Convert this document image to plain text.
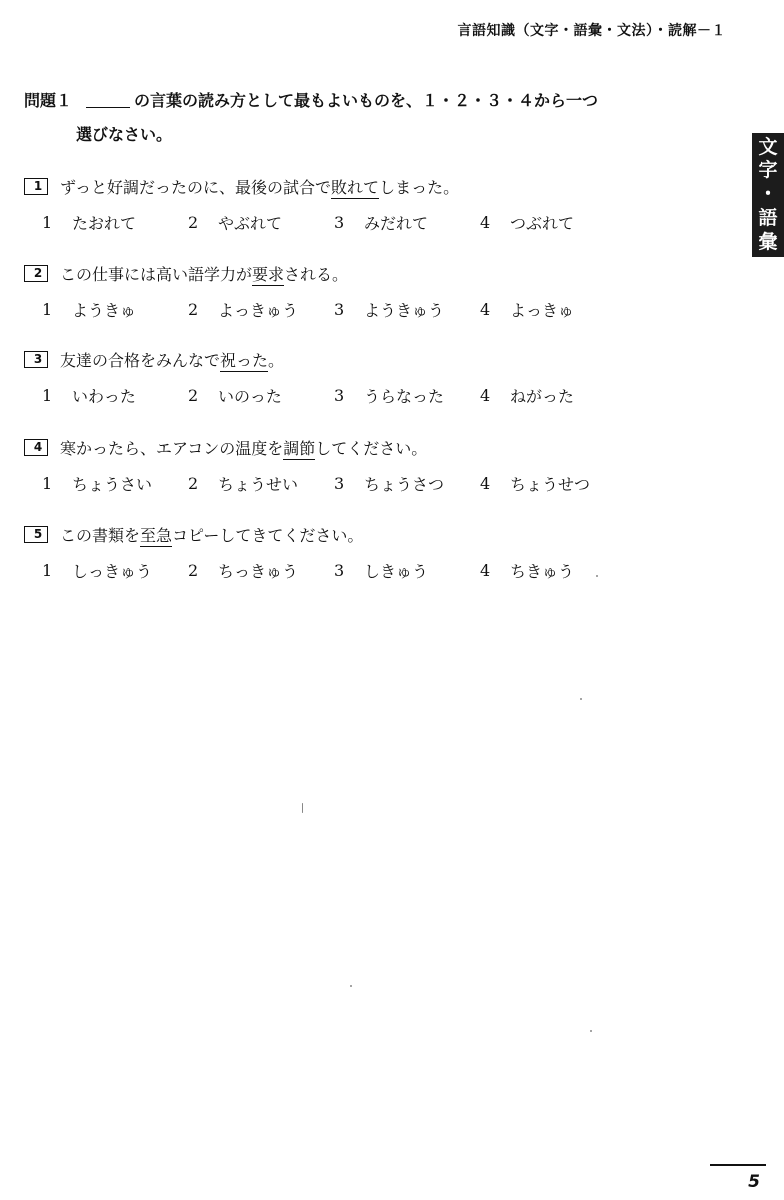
言語知識（文字・語彙・文法）・読解－１
文
字
・
語
彙
問題１	の言葉の読み方として最もよいものを、１・２・３・４から一つ
選びなさい。
1	ずっと好調だったのに、最後の試合で敗れてしまった。
1	たおれて	2	やぶれて	3	みだれて	4	つぶれて
2	この仕事には高い語学力が要求される。
1	ようきゅ	2	よっきゅう	3	ようきゅう	4	よっきゅ
3	友達の合格をみんなで祝った。
1	いわった	2	いのった	3	うらなった	4	ねがった
4	寒かったら、エアコンの温度を調節してください。
1	ちょうさい	2	ちょうせい	3	ちょうさつ	4	ちょうせつ
5	この書類を至急コピーしてきてください。
1	しっきゅう	2	ちっきゅう	3	しきゅう	4	ちきゅう
5
